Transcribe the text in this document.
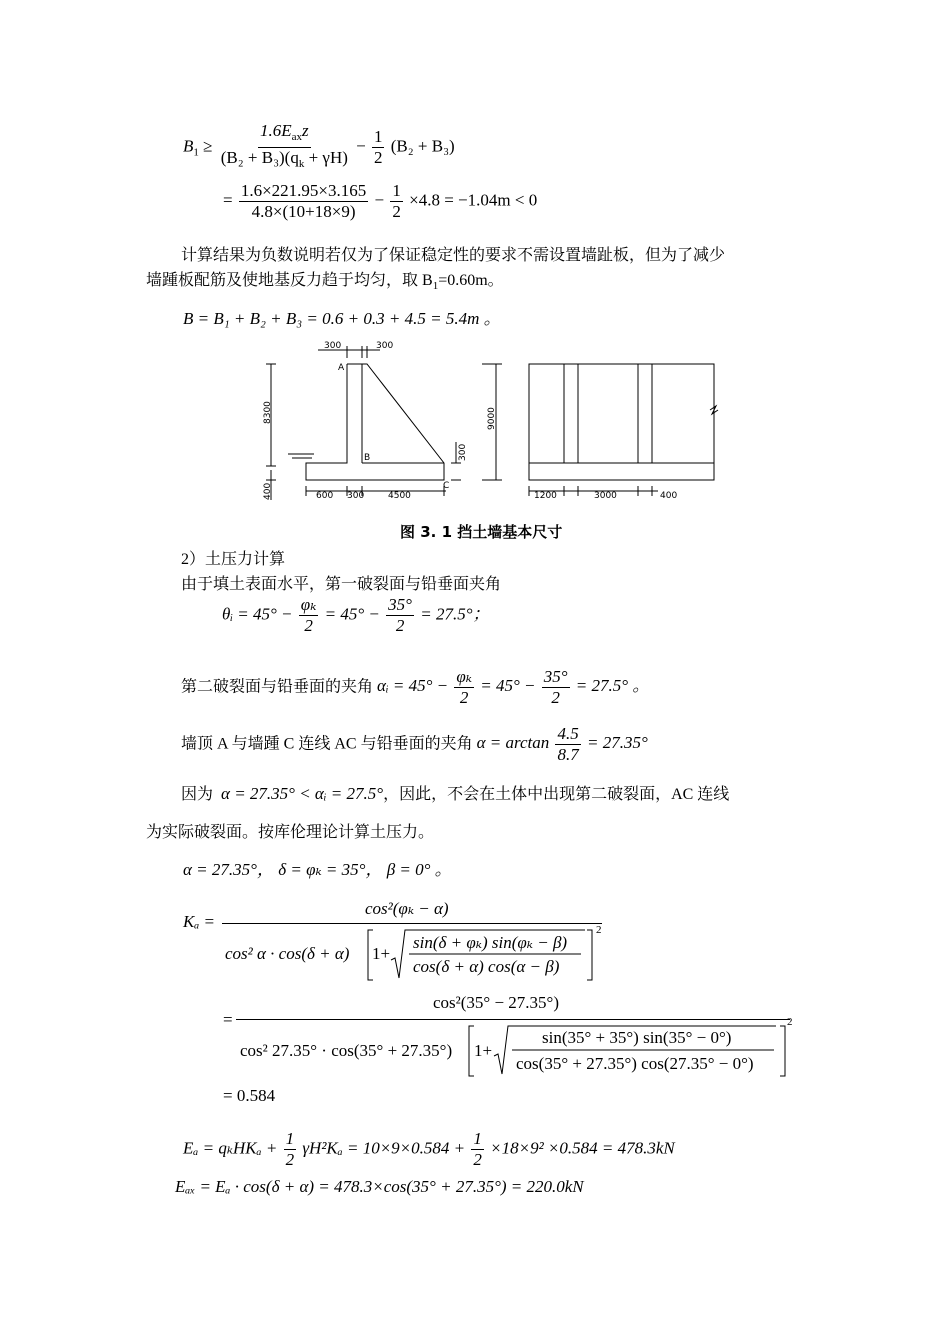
$B_1 \ge \frac{1.6E_{ax}z}{(B_2 + B_3)(q_k + \gamma H)} - \frac{1}{2} (B_2 + B_3)$
= $\frac{1.6\times 221.95\times 3.165}{4.8\times(10+18\times 9)} - \frac{1}{2} \times 4.8 = -1.04m < 0$
计算结果为负数说明若仅为了保证稳定性的要求不需设置墙趾板，但为了减少
墙踵板配筋及使地基反力趋于均匀，取 $B_1=0.60m$。
B = B₁ + B₂ + B₃ = 0.6 + 0.3 + 4.5 = 5.4m 。
300	300
A
B
C
8300
400	600 300	4500
300
9000
1200	3000	400
图 3. 1 挡土墙基本尺寸
2）土压力计算
由于填土表面水平，第一破裂面与铅垂面夹角
θᵢ = $45^\circ - \frac{\text{φₖ}}{2} = 45^\circ - \frac{35^\circ}{2} = 27.5^\circ$；
第二破裂面与铅垂面的夹角 αᵢ = $45^\circ - \frac{\text{φₖ}}{2} = 45^\circ - \frac{35^\circ}{2} = 27.5^\circ$ 。
墙顶 A 与墙踵 C 连线 AC 与铅垂面的夹角 $\alpha = \arctan \frac{4.5}{8.7} = 27.35^\circ$
因为 α = 27.35° < αᵢ = 27.5°，因此，不会在土体中出现第二破裂面，AC 连线
为实际破裂面。按库伦理论计算土压力。
α = 27.35°， δ = φₖ = 35°， β = 0° 。
Kₐ =
cos²(φₖ − α)
cos² α · cos(δ + α) 1+
sin(δ + φₖ) sin(φₖ − β)
cos(δ + α) cos(α − β)
2
=
cos²(35° − 27.35°)
cos² 27.35° · cos(35° + 27.35°) 1+
sin(35° + 35°) sin(35° − 0°)
cos(35° + 27.35°) cos(27.35° − 0°)
2
= 0.584
$E_a = q_kHK_a + \frac{1}{2} \gamma H^2K_a = 10\times 9\times 0.584 + \frac{1}{2} \times 18\times 9^2 \times 0.584 = 478.3kN$
Eₐₓ = Eₐ · cos(δ + α) = 478.3×cos(35° + 27.35°) = 220.0kN
